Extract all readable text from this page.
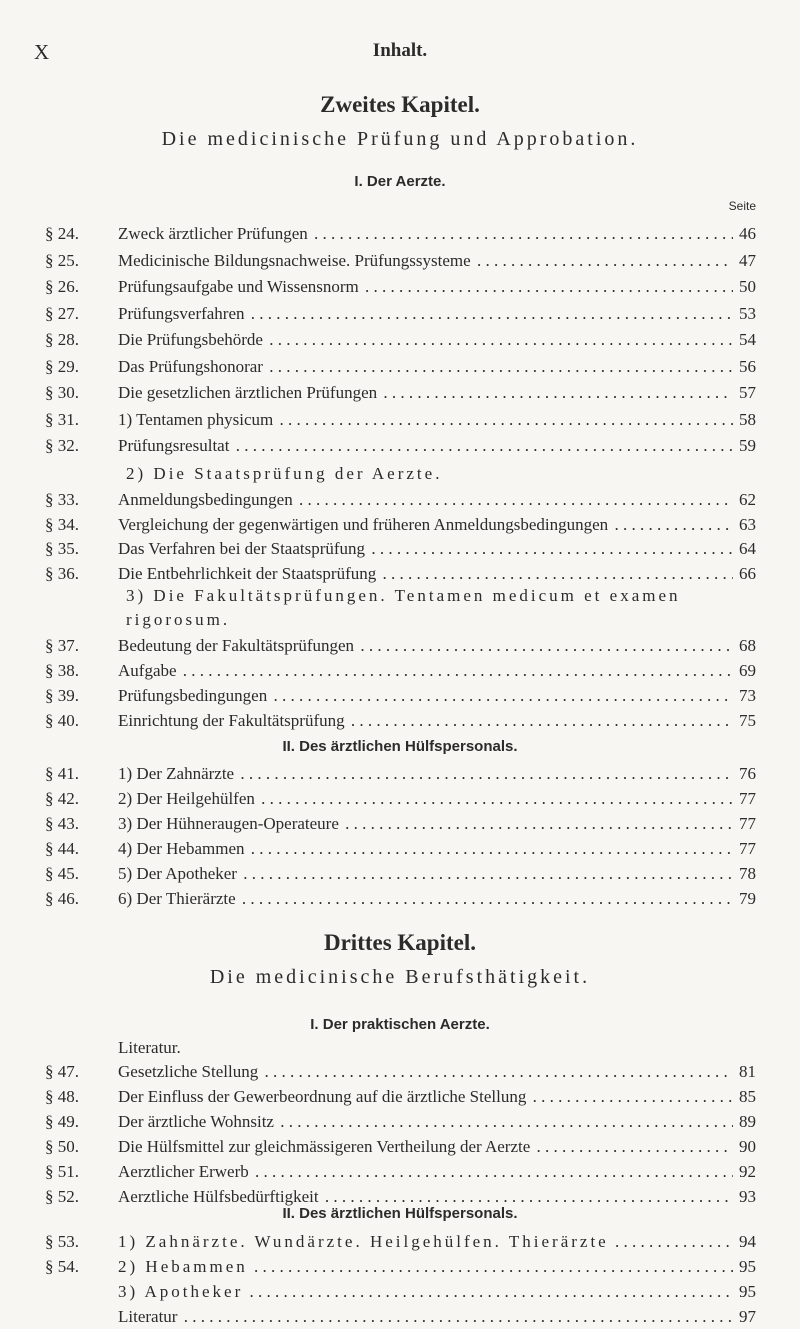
X	Inhalt.
Zweites Kapitel.
Die medicinische Prüfung und Approbation.
I. Der Aerzte.
Seite
§ 24. Zweck ärztlicher Prüfungen . . .	46
§ 25. Medicinische Bildungsnachweise. Prüfungssysteme . . .	47
§ 26. Prüfungsaufgabe und Wissensnorm . . .	50
§ 27. Prüfungsverfahren . . .	53
§ 28. Die Prüfungsbehörde . . .	54
§ 29. Das Prüfungshonorar . . .	56
§ 30. Die gesetzlichen ärztlichen Prüfungen . . .	57
§ 31. 1) Tentamen physicum . . .	58
§ 32. Prüfungsresultat . . .	59
2) Die Staatsprüfung der Aerzte.
§ 33. Anmeldungsbedingungen . . .	62
§ 34. Vergleichung der gegenwärtigen und früheren Anmeldungsbedingungen . . .	63
§ 35. Das Verfahren bei der Staatsprüfung . . .	64
§ 36. Die Entbehrlichkeit der Staatsprüfung . . .	66
3) Die Fakultätsprüfungen. Tentamen medicum et examen
rigorosum.
§ 37. Bedeutung der Fakultätsprüfungen . . .	68
§ 38. Aufgabe . . .	69
§ 39. Prüfungsbedingungen . . .	73
§ 40. Einrichtung der Fakultätsprüfung . . .	75
II. Des ärztlichen Hülfspersonals.
§ 41. 1) Der Zahnärzte . . .	76
§ 42. 2) Der Heilgehülfen . . .	77
§ 43. 3) Der Hühneraugen-Operateure . . .	77
§ 44. 4) Der Hebammen . . .	77
§ 45. 5) Der Apotheker . . .	78
§ 46. 6) Der Thierärzte . . .	79
Drittes Kapitel.
Die medicinische Berufsthätigkeit.
I. Der praktischen Aerzte.
Literatur.
§ 47. Gesetzliche Stellung . . .	81
§ 48. Der Einfluss der Gewerbeordnung auf die ärztliche Stellung . . .	85
§ 49. Der ärztliche Wohnsitz . . .	89
§ 50. Die Hülfsmittel zur gleichmässigeren Vertheilung der Aerzte . . .	90
§ 51. Aerztlicher Erwerb . . .	92
§ 52. Aerztliche Hülfsbedürftigkeit . . .	93
II. Des ärztlichen Hülfspersonals.
§ 53. 1) Zahnärzte. Wundärzte. Heilgehülfen. Thierärzte . . .	94
§ 54. 2) Hebammen . . .	95
3) Apotheker . . .	95
Literatur . . .	97
